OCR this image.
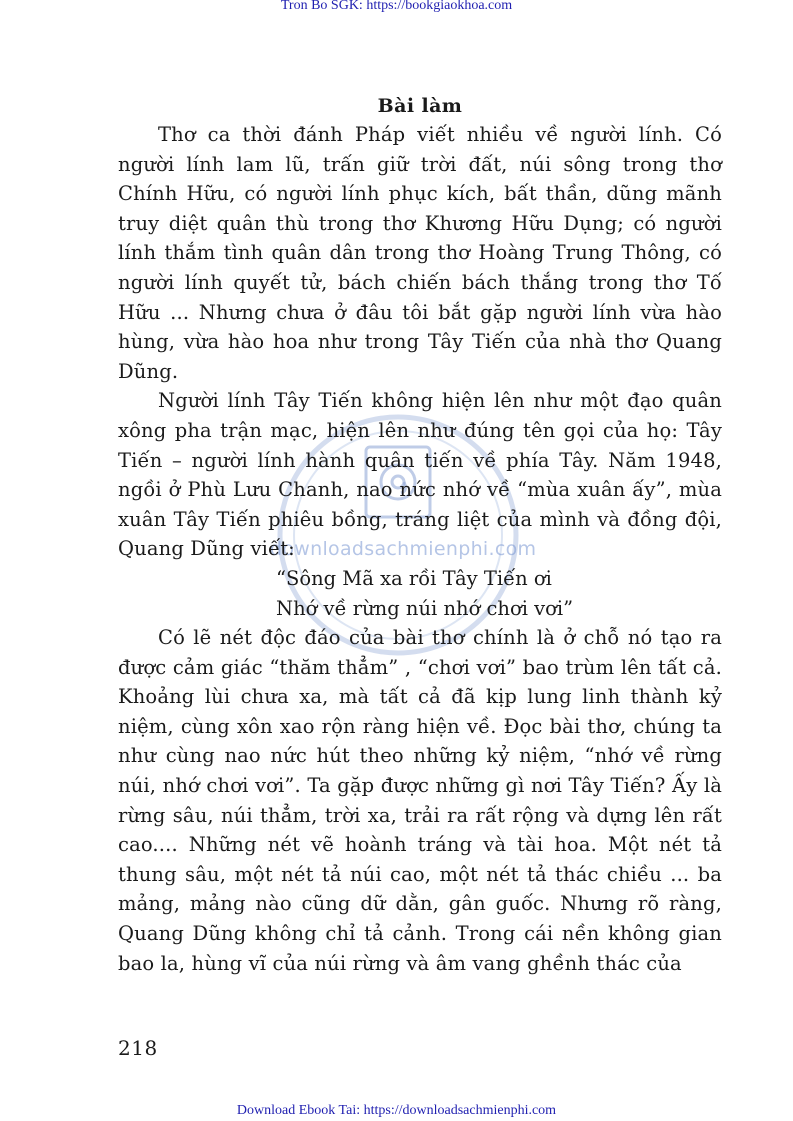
Tron Bo SGK: https://bookgiaokhoa.com
downloadsachmienphi.com
Bài làm

Thơ ca thời đánh Pháp viết nhiều về người lính. Có người lính lam lũ, trấn giữ trời đất, núi sông trong thơ Chính Hữu, có người lính phục kích, bất thần, dũng mãnh truy diệt quân thù trong thơ Khương Hữu Dụng; có người lính thắm tình quân dân trong thơ Hoàng Trung Thông, có người lính quyết tử, bách chiến bách thắng trong thơ Tố Hữu ... Nhưng chưa ở đâu tôi bắt gặp người lính vừa hào hùng, vừa hào hoa như trong Tây Tiến của nhà thơ Quang Dũng.

Người lính Tây Tiến không hiện lên như một đạo quân xông pha trận mạc, hiện lên như đúng tên gọi của họ: Tây Tiến – người lính hành quân tiến về phía Tây. Năm 1948, ngồi ở Phù Lưu Chanh, nao nức nhớ về “mùa xuân ấy”, mùa xuân Tây Tiến phiêu bồng, tráng liệt của mình và đồng đội, Quang Dũng viết:

“Sông Mã xa rồi Tây Tiến ơi

Nhớ về rừng núi nhớ chơi vơi”

Có lẽ nét độc đáo của bài thơ chính là ở chỗ nó tạo ra được cảm giác “thăm thẳm” , “chơi vơi” bao trùm lên tất cả. Khoảng lùi chưa xa, mà tất cả đã kịp lung linh thành kỷ niệm, cùng xôn xao rộn ràng hiện về. Đọc bài thơ, chúng ta như cùng nao nức hút theo những kỷ niệm, “nhớ về rừng núi, nhớ chơi vơi”. Ta gặp được những gì nơi Tây Tiến? Ấy là rừng sâu, núi thẳm, trời xa, trải ra rất rộng và dựng lên rất cao.... Những nét vẽ hoành tráng và tài hoa. Một nét tả thung sâu, một nét tả núi cao, một nét tả thác chiều ... ba mảng, mảng nào cũng dữ dằn, gân guốc. Nhưng rõ ràng, Quang Dũng không chỉ tả cảnh. Trong cái nền không gian bao la, hùng vĩ của núi rừng và âm vang ghềnh thác của

218
Download Ebook Tai: https://downloadsachmienphi.com
